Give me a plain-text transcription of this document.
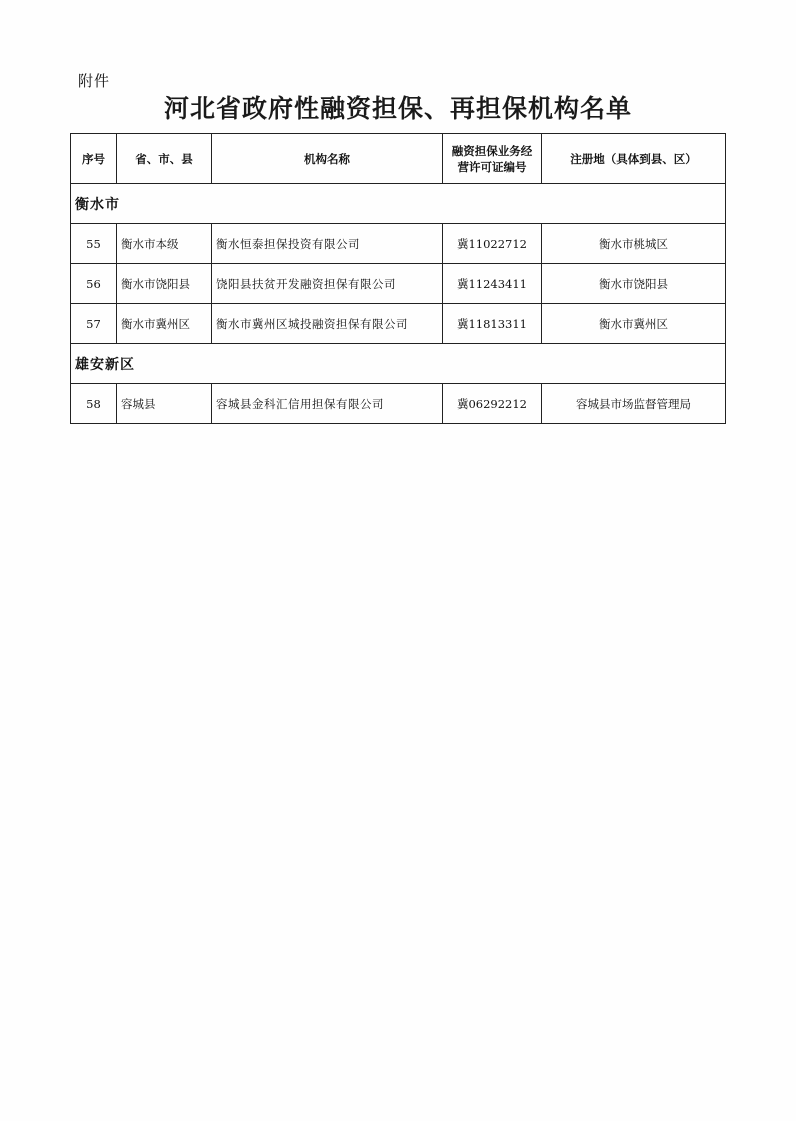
附件
河北省政府性融资担保、再担保机构名单
序号	省、市、县	机构名称	融资担保业务经营许可证编号	注册地（具体到县、区）
衡水市				
55	衡水市本级	衡水恒泰担保投资有限公司	冀11022712	衡水市桃城区
56	衡水市饶阳县	饶阳县扶贫开发融资担保有限公司	冀11243411	衡水市饶阳县
57	衡水市冀州区	衡水市冀州区城投融资担保有限公司	冀11813311	衡水市冀州区
雄安新区				
58	容城县	容城县金科汇信用担保有限公司	冀06292212	容城县市场监督管理局
